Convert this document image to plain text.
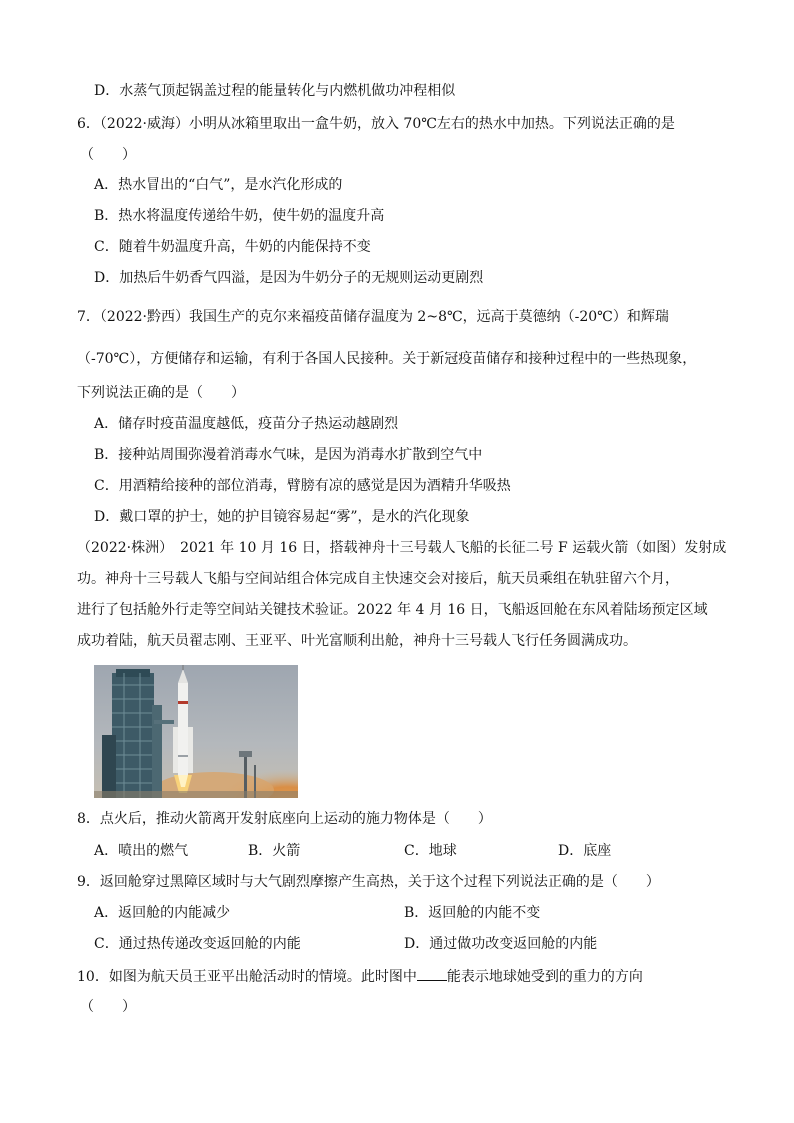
D．水蒸气顶起锅盖过程的能量转化与内燃机做功冲程相似
6．（2022·威海）小明从冰箱里取出一盒牛奶，放入 70℃左右的热水中加热。下列说法正确的是
（　　）
A．热水冒出的“白气”，是水汽化形成的
B．热水将温度传递给牛奶，使牛奶的温度升高
C．随着牛奶温度升高，牛奶的内能保持不变
D．加热后牛奶香气四溢，是因为牛奶分子的无规则运动更剧烈
7．（2022·黔西）我国生产的克尔来福疫苗储存温度为 2~8℃，远高于莫德纳（-20℃）和辉瑞
（-70℃），方便储存和运输，有利于各国人民接种。关于新冠疫苗储存和接种过程中的一些热现象，
下列说法正确的是（　　）
A．储存时疫苗温度越低，疫苗分子热运动越剧烈
B．接种站周围弥漫着消毒水气味，是因为消毒水扩散到空气中
C．用酒精给接种的部位消毒，臂膀有凉的感觉是因为酒精升华吸热
D．戴口罩的护士，她的护目镜容易起“雾”，是水的汽化现象
（2022·株洲）　2021 年 10 月 16 日，搭载神舟十三号载人飞船的长征二号 F 运载火箭（如图）发射成
功。神舟十三号载人飞船与空间站组合体完成自主快速交会对接后，航天员乘组在轨驻留六个月，
进行了包括舱外行走等空间站关键技术验证。2022 年 4 月 16 日，飞船返回舱在东风着陆场预定区域
成功着陆，航天员翟志刚、王亚平、叶光富顺利出舱，神舟十三号载人飞行任务圆满成功。
8．点火后，推动火箭离开发射底座向上运动的施力物体是（　　）
A．喷出的燃气	B．火箭	C．地球	D．底座
9．返回舱穿过黑障区域时与大气剧烈摩擦产生高热，关于这个过程下列说法正确的是（　　）
A．返回舱的内能减少	B．返回舱的内能不变
C．通过热传递改变返回舱的内能	D．通过做功改变返回舱的内能
10．如图为航天员王亚平出舱活动时的情境。此时图中 能表示地球她受到的重力的方向
（　　）
